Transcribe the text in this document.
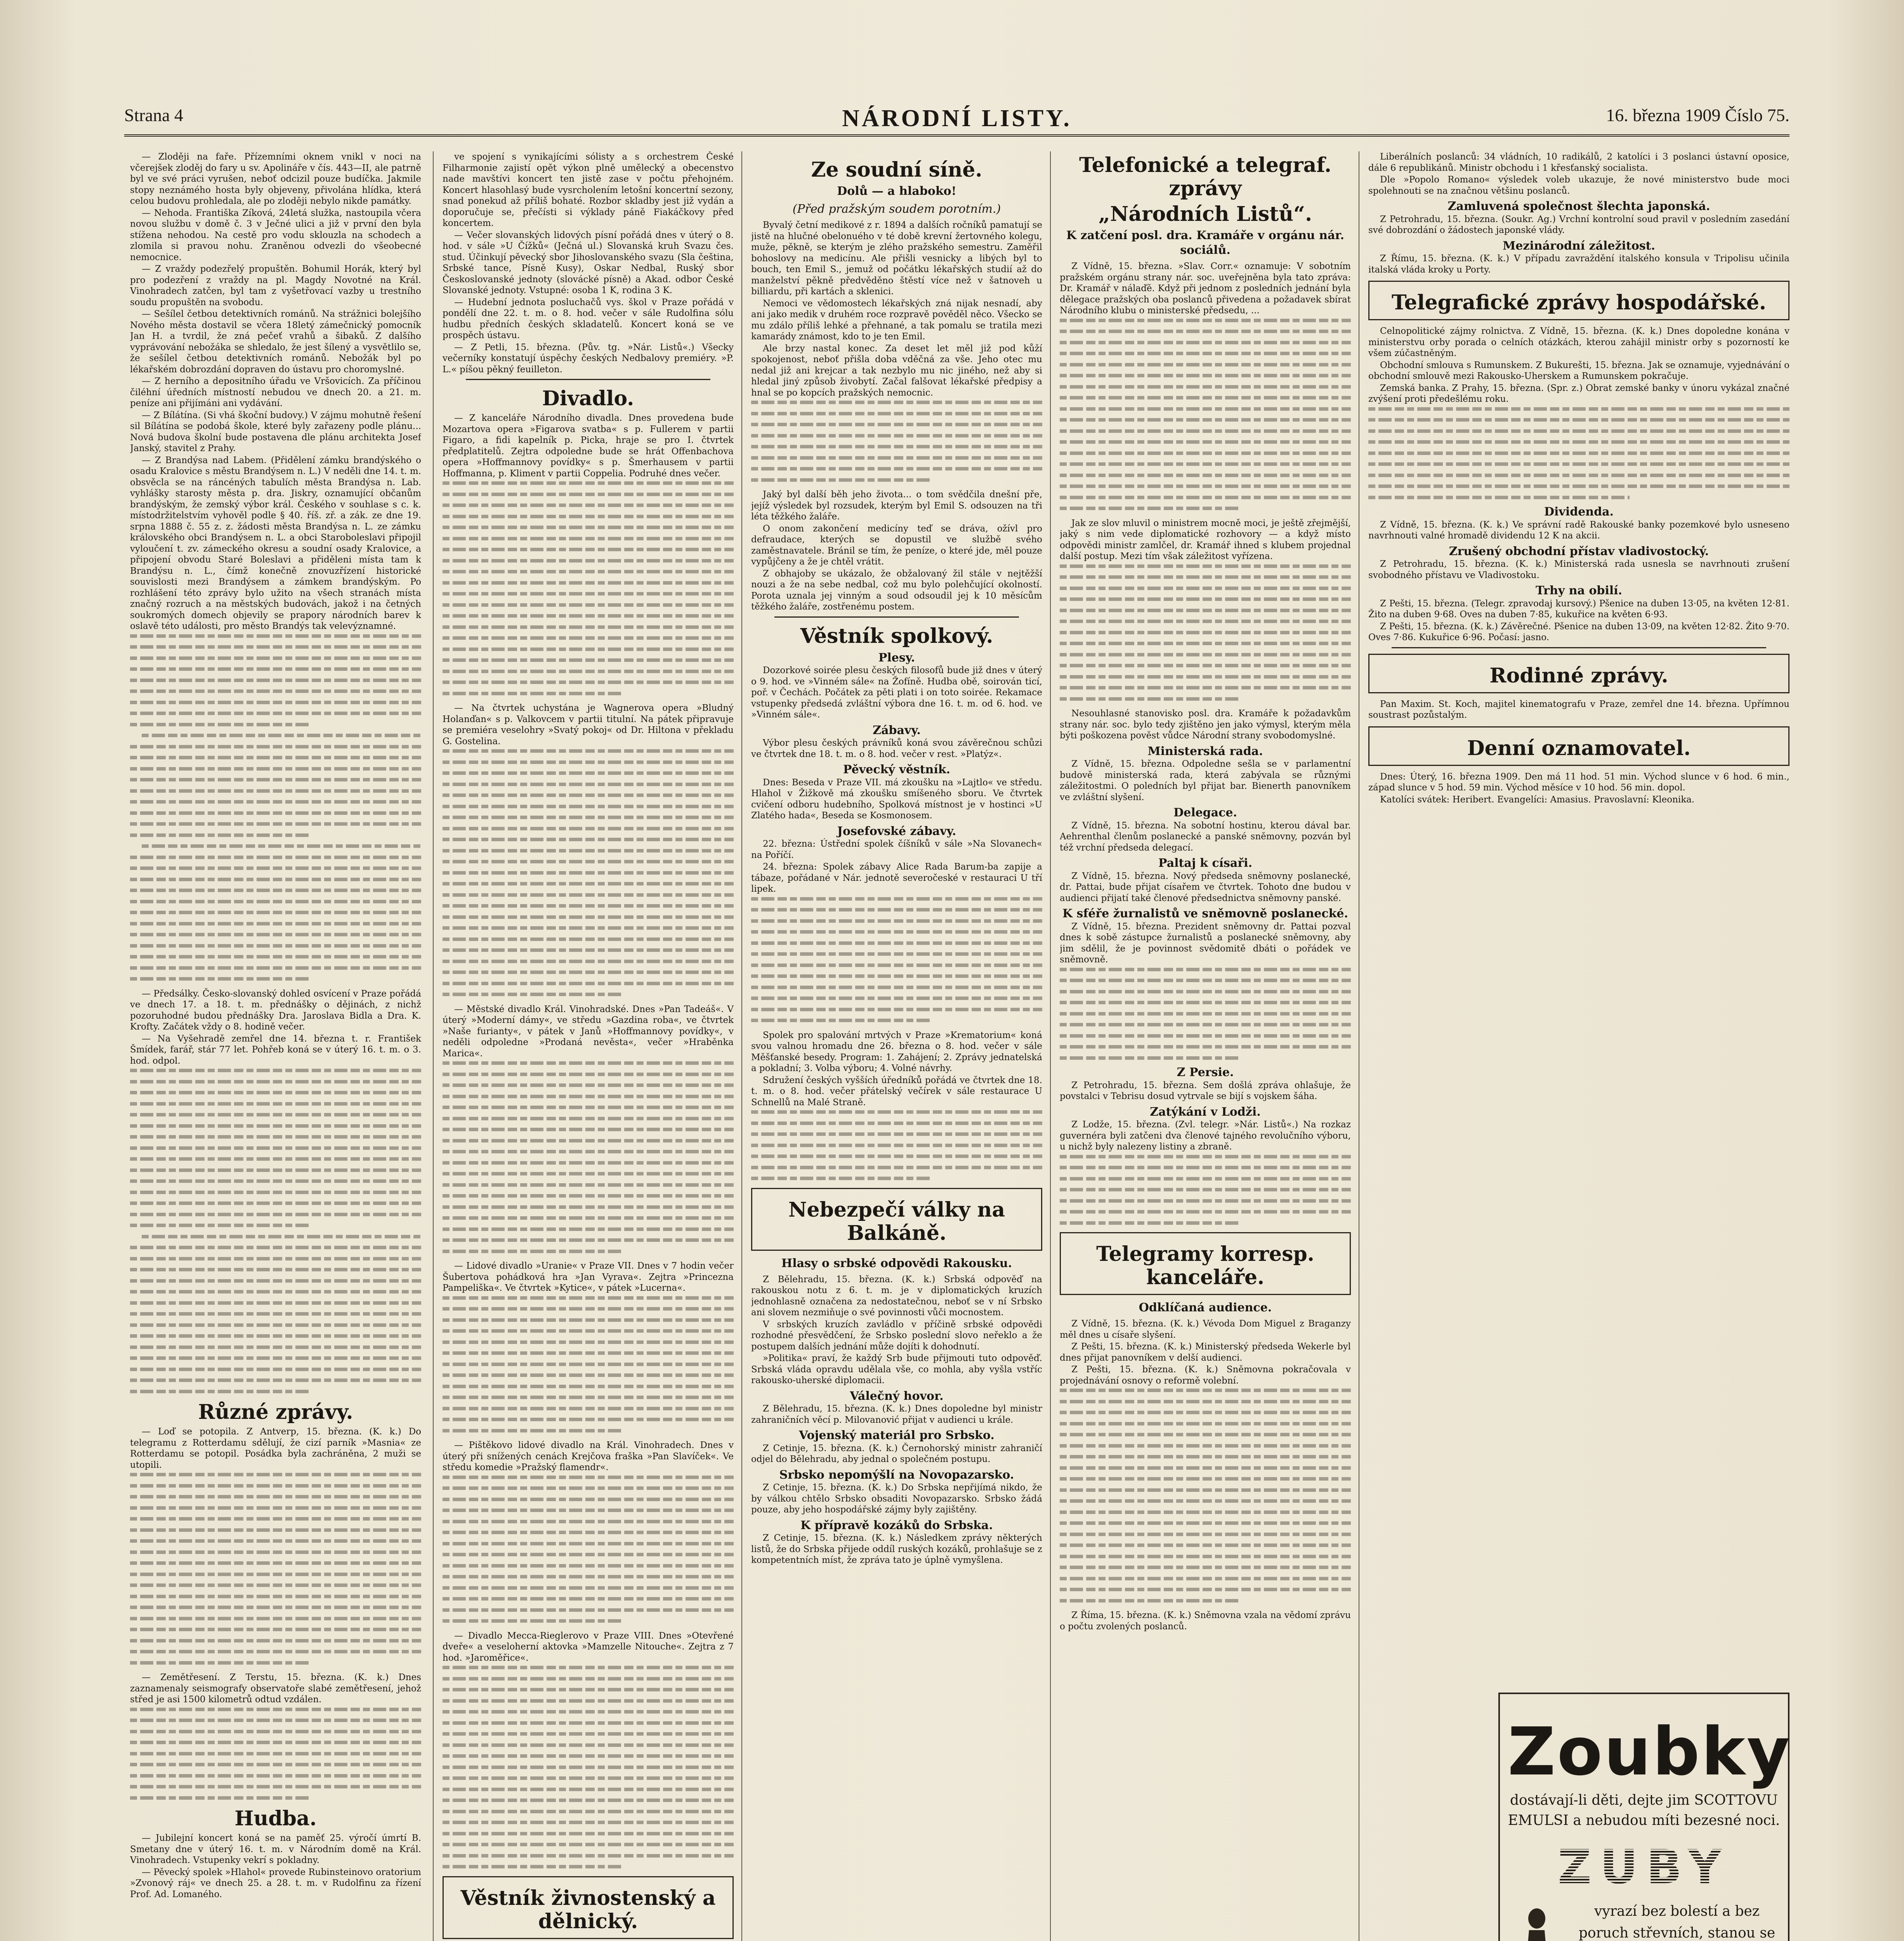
Strana 4	NÁRODNÍ LISTY.	16. března 1909 Číslo 75.

— Zloději na faře. Přízemními oknem vnikl v noci na včerejšek zloděj do fary u sv. Apolináře v čís. 443—II, ale patrně byl ve své práci vyrušen, neboť odcizil pouze budíčka. Jakmile stopy neznámého hosta byly objeveny, přivolána hlídka, která celou budovu prohledala, ale po zloději nebylo nikde památky.

— Nehoda. Františka Zíková, 24letá služka, nastoupila včera novou službu v domě č. 3 v Ječné ulici a již v první den byla stížena nehodou. Na cestě pro vodu sklouzla na schodech a zlomila si pravou nohu. Zraněnou odvezli do všeobecné nemocnice.

— Z vraždy podezřelý propuštěn. Bohumil Horák, který byl pro podezření z vraždy na pl. Magdy Novotné na Král. Vinohradech zatčen, byl tam z vyšetřovací vazby u trestního soudu propuštěn na svobodu.

— Sešílel četbou detektivních románů. Na strážnici bolejšího Nového města dostavil se včera 18letý zámečnický pomocník Jan H. a tvrdil, že zná pečeť vrahů a šibaků. Z dalšího vyprávování nebožáka se shledalo, že jest šílený a vysvětlilo se, že sešílel četbou detektivních románů. Nebožák byl po lékařském dobrozdání dopraven do ústavu pro choromyslné.

— Z herního a depositního úřadu ve Vršovicích. Za příčinou čiléhní úředních místností nebudou ve dnech 20. a 21. m. peníze ani přijímáni ani vydávání.

— Z Bílátína. (Si vhá škoční budovy.) V zájmu mohutně řešení sil Bílátína se podobá škole, které byly zařazeny podle plánu... Nová budova školní bude postavena dle plánu architekta Josef Janský, stavitel z Prahy.

— Z Brandýsa nad Labem. (Přidělení zámku brandýského o osadu Kralovice s městu Brandýsem n. L.) V neděli dne 14. t. m. obsvěcla se na ráncéných tabulích města Brandýsa n. Lab. vyhlášky starosty města p. dra. Jiskry, oznamující občanům brandýským, že zemský výbor král. Českého v souhlase s c. k. místodržitelstvím vyhověl podle § 40. říš. zř. a zák. ze dne 19. srpna 1888 č. 55 z. z. žádosti města Brandýsa n. L. ze zámku královského obci Brandýsem n. L. a obci Staroboleslavi připojil vyloučení t. zv. zámeckého okresu a soudní osady Kralovice, a připojení obvodu Staré Boleslavi a přiděleni místa tam k Brandýsu n. L., čímž konečně znovuzřízení historické souvislosti mezi Brandýsem a zámkem brandýským. Po rozhlášení této zprávy bylo užito na všech stranách místa značný rozruch a na městských budovách, jakož i na četných soukromých domech objevily se prapory národních barev k oslavě této události, pro město Brandýs tak velevýznamné.

— Předsálky. Česko-slovanský dohled osvícení v Praze pořádá ve dnech 17. a 18. t. m. přednášky o dějinách, z nichž pozoruhodné budou přednášky Dra. Jaroslava Bidla a Dra. K. Krofty. Začátek vždy o 8. hodině večer.

— Na Vyšehradě zemřel dne 14. března t. r. František Šmídek, farář, stár 77 let. Pohřeb koná se v úterý 16. t. m. o 3. hod. odpol.

Různé zprávy.

— Loď se potopila. Z Antverp, 15. března. (K. k.) Do telegramu z Rotterdamu sdělují, že cizí parník »Masnia« ze Rotterdamu se potopil. Posádka byla zachráněna, 2 muži se utopili.

— Zemětřesení. Z Terstu, 15. března. (K. k.) Dnes zaznamenaly seismografy observatoře slabé zemětřesení, jehož střed je asi 1500 kilometrů odtud vzdálen.

Hudba.

— Jubilejní koncert koná se na paměť 25. výročí úmrtí B. Smetany dne v úterý 16. t. m. v Národním domě na Král. Vinohradech. Vstupenky vekrí s pokladny.

— Pěvecký spolek »Hlahol« provede Rubinsteinovo oratorium »Zvonový ráj« ve dnech 25. a 28. t. m. v Rudolfinu za řízení Prof. Ad. Lomaného.

ve spojení s vynikajícími sólisty a s orchestrem České Filharmonie zajistí opět výkon plně umělecký a obecenstvo nade mavštívi koncert ten jistě zase v počtu přehojném. Koncert hlasohlasý bude vysrcholením letošní koncertní sezony, snad ponekud až příliš bohaté. Rozbor skladby jest již vydán a doporučuje se, přečísti si výklady páně Fiakáčkovy před koncertem.

— Večer slovanských lidových písní pořádá dnes v úterý o 8. hod. v sále »U Čížků« (Ječná ul.) Slovanská kruh Svazu čes. stud. Účinkují pěvecký sbor Jihoslovanského svazu (Sla čeština, Srbské tance, Písně Kusy), Oskar Nedbal, Ruský sbor Českoslovanské jednoty (slovácké písně) a Akad. odbor České Slovanské jednoty. Vstupné: osoba 1 K, rodina 3 K.

— Hudební jednota posluchačů vys. škol v Praze pořádá v pondělí dne 22. t. m. o 8. hod. večer v sále Rudolfina sólu hudbu předních českých skladatelů. Koncert koná se ve prospěch ústavu.

— Z Petli, 15. března. (Pův. tg. »Nár. Listů«.) Všecky večerníky konstatují úspěchy českých Nedbalovy premiéry. »P. L.« píšou pěkný feuilleton.

Divadlo.

— Z kanceláře Národního divadla. Dnes provedena bude Mozartova opera »Figarova svatba« s p. Fullerem v partii Figaro, a fidi kapelník p. Picka, hraje se pro I. čtvrtek předplatitelů. Zejtra odpoledne bude se hrát Offenbachova opera »Hoffmannovy povídky« s p. Šmerhausem v partii Hoffmanna, p. Kliment v partii Coppelia. Podruhé dnes večer.

— Na čtvrtek uchystána je Wagnerova opera »Bludný Holanďan« s p. Valkovcem v partii titulní. Na pátek připravuje se premiéra veselohry »Svatý pokoj« od Dr. Hiltona v překladu G. Gostelina.

— Městské divadlo Král. Vinohradské. Dnes »Pan Tadeáš«. V úterý »Moderní dámy«, ve středu »Gazdina roba«, ve čtvrtek »Naše furianty«, v pátek v Janů »Hoffmannovy povídky«, v neděli odpoledne »Prodaná nevěsta«, večer »Hraběnka Marica«.

— Lidové divadlo »Uranie« v Praze VII. Dnes v 7 hodin večer Šubertova pohádková hra »Jan Vyrava«. Zejtra »Princezna Pampeliška«. Ve čtvrtek »Kytice«, v pátek »Lucerna«.

— Pištěkovo lidové divadlo na Král. Vinohradech. Dnes v úterý při snížených cenách Krejčova fraška »Pan Slavíček«. Ve středu komedie »Pražský flamendr«.

— Divadlo Mecca-Rieglerovo v Praze VIII. Dnes »Otevřené dveře« a veseloherní aktovka »Mamzelle Nitouche«. Zejtra z 7 hod. »Jaroměřice«.

Věstník živnostenský a dělnický.

Ze soudní síně.
Dolů — a hlaboko!
(Před pražským soudem porotním.)

Byvalý četní medikové z r. 1894 a dalších ročníků pamatují se jistě na hlučné obelonuého v té době krevní žertovného kolegu, muže, pěkně, se kterým je zlého pražského semestru. Zaměřil bohoslovy na medicínu. Ale přišli vesnicky a libých byl to bouch, ten Emil S., jemuž od počátku lékařských studií až do manželství pěkně předvěděno štěstí více než v šatnoveh u billiardu, při kartách a sklenici.

Nemoci ve vědomostech lékařských zná nijak nesnadí, aby ani jako medik v druhém roce rozpravě pověděl něco. Všecko se mu zdálo příliš lehké a přehnané, a tak pomalu se tratila mezi kamarády známost, kdo to je ten Emil.

Ale brzy nastal konec. Za deset let měl již pod kůží spokojenost, neboť přišla doba vděčná za vše. Jeho otec mu nedal již ani krejcar a tak nezbylo mu nic jiného, než aby si hledal jiný způsob živobytí. Začal falšovat lékařské předpisy a hnal se po kopcích pražských nemocnic.

Jaký byl další běh jeho života... o tom svědčila dnešní pře, jejíž výsledek byl rozsudek, kterým byl Emil S. odsouzen na tři léta těžkého žaláře.

O onom zakončení medicíny teď se dráva, ožívl pro defraudace, kterých se dopustil ve službě svého zaměstnavatele. Bránil se tím, že peníze, o které jde, měl pouze vypůjčeny a že je chtěl vrátit.

Z obhajoby se ukázalo, že obžalovaný žil stále v nejtěžší nouzi a že na sebe nedbal, což mu bylo polehčující okolností. Porota uznala jej vinným a soud odsoudil jej k 10 měsícům těžkého žaláře, zostřenému postem.

Věstník spolkový.
Plesy.

Dozorkové soirée plesu českých filosofů bude již dnes v úterý o 9. hod. ve »Vinném sále« na Žofíně. Hudba obě, soirován ticí, poř. v Čechách. Počátek za pěti plati i on toto soirée. Rekamace vstupenky předsedá zvláštní výbora dne 16. t. m. od 6. hod. ve »Vinném sále«.

Zábavy.

Výbor plesu českých právníků koná svou závěrečnou schůzi ve čtvrtek dne 18. t. m. o 8. hod. večer v rest. »Platýz«.

Pěvecký věstník.

Dnes: Beseda v Praze VII. má zkoušku na »Lajtlo« ve středu. Hlahol v Žižkově má zkoušku smíšeného sboru. Ve čtvrtek cvičení odboru hudebního, Spolková místnost je v hostinci »U Zlatého hada«, Beseda se Kosmonosem.

Josefovské zábavy.

22. března: Ústřední spolek číšníků v sále »Na Slovanech« na Poříčí.

24. března: Spolek zábavy Alice Rada Barum-ba zapije a tábaze, pořádané v Nár. jednotě severočeské v restauraci U tří lipek.

Spolek pro spalování mrtvých v Praze »Krematorium« koná svou valnou hromadu dne 26. března o 8. hod. večer v sále Měšťanské besedy. Program: 1. Zahájení; 2. Zprávy jednatelská a pokladní; 3. Volba výboru; 4. Volné návrhy.

Sdružení českých vyšších úředníků pořádá ve čtvrtek dne 18. t. m. o 8. hod. večer přátelský večírek v sále restaurace U Schnellů na Malé Straně.

Nebezpečí války na Balkáně.
Hlasy o srbské odpovědi Rakousku.

Z Bělehradu, 15. března. (K. k.) Srbská odpověď na rakouskou notu z 6. t. m. je v diplomatických kruzích jednohlasně označena za nedostatečnou, neboť se v ní Srbsko ani slovem nezmiňuje o své povinnosti vůči mocnostem.

V srbských kruzích zavládlo v příčině srbské odpovědi rozhodné přesvědčení, že Srbsko poslední slovo neřeklo a že postupem dalších jednání může dojíti k dohodnutí.

»Politika« praví, že každý Srb bude přijmouti tuto odpověď. Srbská vláda opravdu udělala vše, co mohla, aby vyšla vstříc rakousko-uherské diplomacii.

Válečný hovor.

Z Bělehradu, 15. března. (K. k.) Dnes dopoledne byl ministr zahraničních věcí p. Milovanović přijat v audienci u krále.

Vojenský materiál pro Srbsko.

Z Cetinje, 15. března. (K. k.) Černohorský ministr zahraničí odjel do Bělehradu, aby jednal o společném postupu.

Srbsko nepomýšlí na Novopazarsko.

Z Cetinje, 15. března. (K. k.) Do Srbska nepřijímá nikdo, že by válkou chtělo Srbsko obsaditi Novopazarsko. Srbsko žádá pouze, aby jeho hospodářské zájmy byly zajištěny.

K přípravě kozáků do Srbska.

Z Cetinje, 15. března. (K. k.) Následkem zprávy některých listů, že do Srbska přijede oddíl ruských kozáků, prohlašuje se z kompetentních míst, že zpráva tato je úplně vymyšlena.

Telefonické a telegraf. zprávy
„Národních Listů“.
K zatčení posl. dra. Kramáře v orgánu nár. sociálů.

Z Vídně, 15. března. »Slav. Corr.« oznamuje: V sobotním pražském orgánu strany nár. soc. uveřejněna byla tato zpráva: Dr. Kramář v nálaďě. Když při jednom z posledních jednání byla dělegace pražských oba poslanců přivedena a požadavek sbírat Národního klubu o ministerské předsedu, ...

Jak ze slov mluvil o ministrem mocně moci, je ještě zřejmější, jaký s nim vede diplomatické rozhovory — a když místo odpovědi ministr zamlčel, dr. Kramář ihned s klubem projednal další postup. Mezi tím však záležitost vyřízena.

Nesouhlasné stanovisko posl. dra. Kramáře k požadavkům strany nár. soc. bylo tedy zjištěno jen jako výmysl, kterým měla býti poškozena pověst vůdce Národní strany svobodomyslné.

Ministerská rada.

Z Vídně, 15. března. Odpoledne sešla se v parlamentní budově ministerská rada, která zabývala se různými záležitostmi. O poledních byl přijat bar. Bienerth panovníkem ve zvláštní slyšení.

Delegace.

Z Vídně, 15. března. Na sobotní hostinu, kterou dával bar. Aehrenthal členům poslanecké a panské sněmovny, pozván byl též vrchní předseda delegací.

Paltaj k císaři.

Z Vídně, 15. března. Nový předseda sněmovny poslanecké, dr. Pattai, bude přijat císařem ve čtvrtek. Tohoto dne budou v audienci přijatí také členové předsednictva sněmovny panské.

K sféře žurnalistů ve sněmovně poslanecké.

Z Vídně, 15. března. Prezident sněmovny dr. Pattai pozval dnes k sobě zástupce žurnalistů a poslanecké sněmovny, aby jim sdělil, že je povinnost svědomitě dbáti o pořádek ve sněmovně.

Z Persie.

Z Petrohradu, 15. března. Sem došlá zpráva ohlašuje, že povstalci v Tebrisu dosud vytrvale se bijí s vojskem šáha.

Zatýkání v Lodži.

Z Lodže, 15. března. (Zvl. telegr. »Nár. Listů«.) Na rozkaz guvernéra byli zatčeni dva členové tajného revolučního výboru, u nichž byly nalezeny listiny a zbraně.

Telegramy korresp. kanceláře.
Odklíčaná audience.

Z Vídně, 15. března. (K. k.) Vévoda Dom Miguel z Braganzy měl dnes u císaře slyšení.

Z Pešti, 15. března. (K. k.) Ministerský předseda Wekerle byl dnes přijat panovníkem v delší audienci.

Z Pešti, 15. března. (K. k.) Sněmovna pokračovala v projednávání osnovy o reformě volební.

Z Říma, 15. března. (K. k.) Sněmovna vzala na vědomí zprávu o počtu zvolených poslanců.

Liberálních poslanců: 34 vládních, 10 radikálů, 2 katolíci i 3 poslanci ústavní oposice, dále 6 republikánů. Ministr obchodu i 1 křesťanský socialista.

Dle »Popolo Romano« výsledek voleb ukazuje, že nové ministerstvo bude moci spolehnouti se na značnou většinu poslanců.

Zamluvená společnost šlechta japonská.

Z Petrohradu, 15. března. (Soukr. Ag.) Vrchní kontrolní soud pravil v posledním zasedání své dobrozdání o žádostech japonské vlády.

Mezinárodní záležitost.

Z Římu, 15. března. (K. k.) V případu zavraždění italského konsula v Tripolisu učinila italská vláda kroky u Porty.

Telegrafické zprávy hospodářské.

Celnopolitické zájmy rolnictva. Z Vídně, 15. března. (K. k.) Dnes dopoledne konána v ministerstvu orby porada o celních otázkách, kterou zahájil ministr orby s pozorností ke všem zúčastněným.

Obchodní smlouva s Rumunskem. Z Bukurešti, 15. března. Jak se oznamuje, vyjednávání o obchodní smlouvě mezi Rakousko-Uherskem a Rumunskem pokračuje.

Zemská banka. Z Prahy, 15. března. (Spr. z.) Obrat zemské banky v únoru vykázal značné zvýšení proti předešlému roku.

Dividenda.

Z Vídně, 15. března. (K. k.) Ve správní radě Rakouské banky pozemkové bylo usneseno navrhnouti valné hromadě dividendu 12 K na akcii.

Zrušený obchodní přístav vladivostocký.

Z Petrohradu, 15. března. (K. k.) Ministerská rada usnesla se navrhnouti zrušení svobodného přístavu ve Vladivostoku.

Trhy na obilí.

Z Pešti, 15. března. (Telegr. zpravodaj kursový.) Pšenice na duben 13·05, na květen 12·81. Žito na duben 9·68. Oves na duben 7·85, kukuřice na květen 6·93.

Z Pešti, 15. března. (K. k.) Závěrečné. Pšenice na duben 13·09, na květen 12·82. Žito 9·70. Oves 7·86. Kukuřice 6·96. Počasí: jasno.

Rodinné zprávy.

Pan Maxim. St. Koch, majitel kinematografu v Praze, zemřel dne 14. března. Upřímnou soustrast pozůstalým.

Denní oznamovatel.

Dnes: Úterý, 16. března 1909. Den má 11 hod. 51 min. Východ slunce v 6 hod. 6 min., západ slunce v 5 hod. 59 min. Východ měsíce v 10 hod. 56 min. dopol.

Katolíci svátek: Heribert. Evangelíci: Amasius. Pravoslavní: Kleonika.

Zoubky
dostávají-li děti, dejte jim SCOTTOVU
EMULSI a nebudou míti bezesné noci.
ZUBY
vyrazí bez bolestí a bez poruch střevních, stanou se
